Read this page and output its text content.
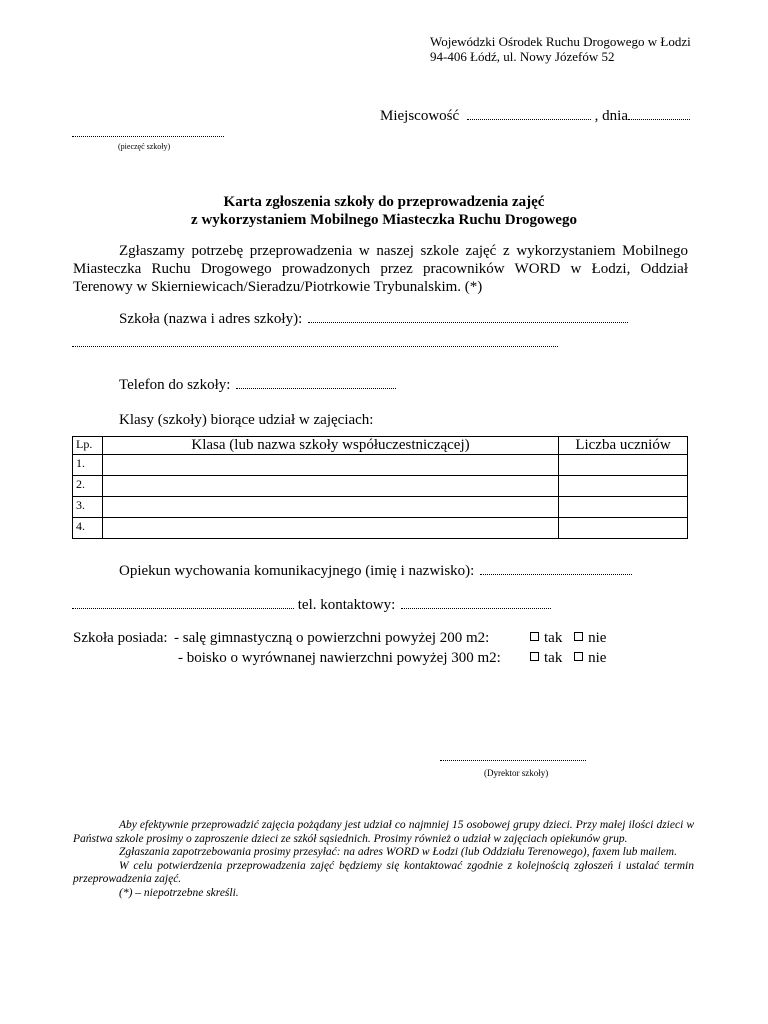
Wojewódzki Ośrodek Ruchu Drogowego w Łodzi
94-406 Łódź, ul. Nowy Józefów 52
Miejscowość	, dnia
(pieczęć szkoły)
Karta zgłoszenia szkoły do przeprowadzenia zajęć
z wykorzystaniem Mobilnego Miasteczka Ruchu Drogowego
Zgłaszamy potrzebę przeprowadzenia w naszej szkole zajęć z wykorzystaniem Mobilnego Miasteczka Ruchu Drogowego prowadzonych przez pracowników WORD w Łodzi, Oddział Terenowy w Skierniewicach/Sieradzu/Piotrkowie Trybunalskim. (*)
Szkoła (nazwa i adres szkoły):
Telefon do szkoły:
Klasy (szkoły) biorące udział w zajęciach:
Lp.	Klasa (lub nazwa szkoły współuczestniczącej)	Liczba uczniów
1.		
2.		
3.		
4.		
Opiekun wychowania komunikacyjnego (imię i nazwisko):
tel. kontaktowy:
Szkoła posiada: - salę gimnastyczną o powierzchni powyżej 200 m2:
- boisko o wyrównanej nawierzchni powyżej 300 m2:
tak nie
tak nie
(Dyrektor szkoły)

Aby efektywnie przeprowadzić zajęcia pożądany jest udział co najmniej 15 osobowej grupy dzieci. Przy małej ilości dzieci w Państwa szkole prosimy o zaproszenie dzieci ze szkół sąsiednich. Prosimy również o udział w zajęciach opiekunów grup.

Zgłaszania zapotrzebowania prosimy przesyłać: na adres WORD w Łodzi (lub Oddziału Terenowego), faxem lub mailem.

W celu potwierdzenia przeprowadzenia zajęć będziemy się kontaktować zgodnie z kolejnością zgłoszeń i ustalać termin przeprowadzenia zajęć.

(*) – niepotrzebne skreśli.
